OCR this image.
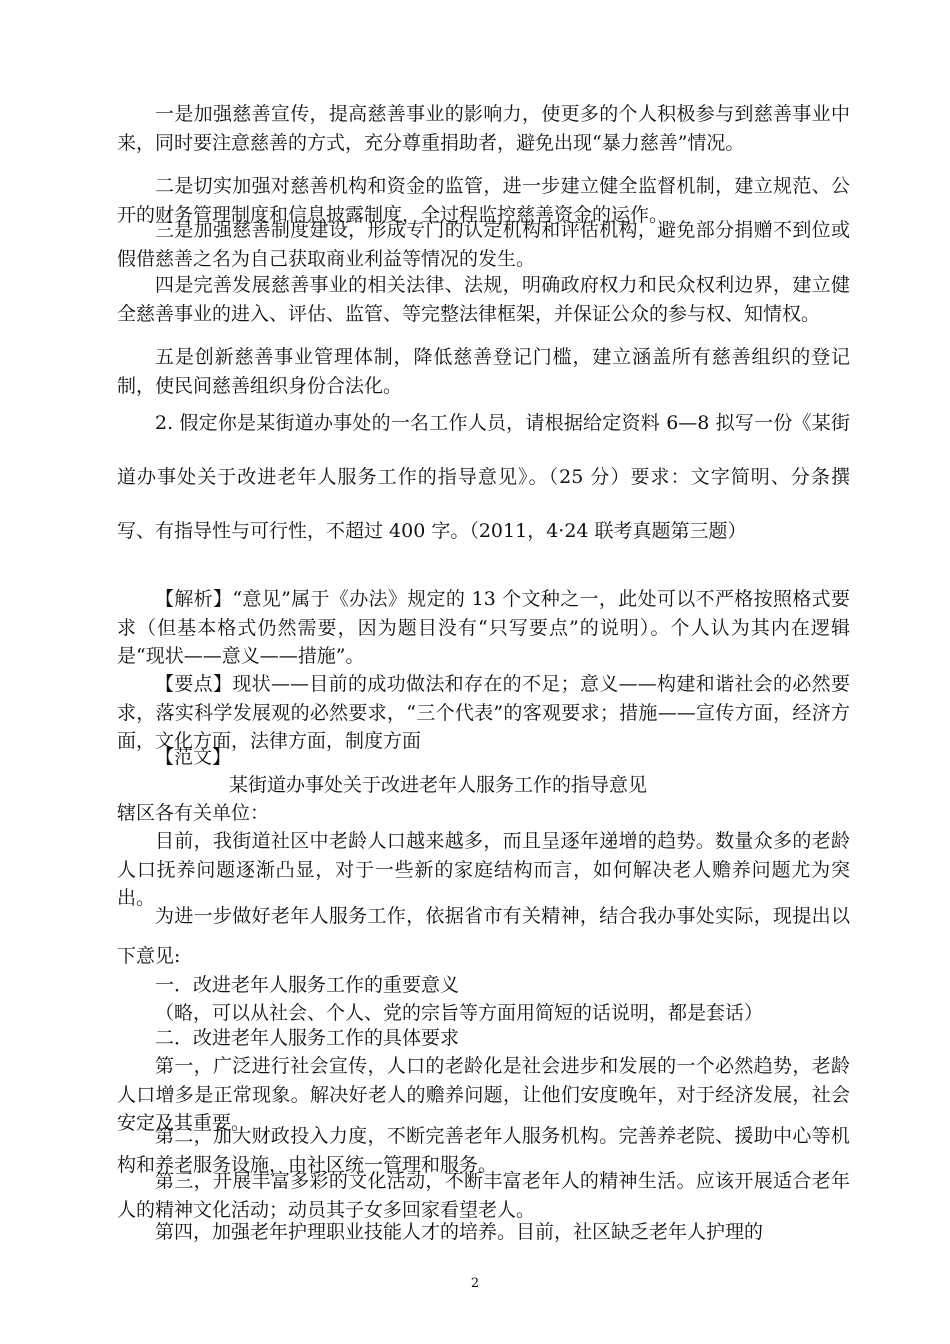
一是加强慈善宣传，提高慈善事业的影响力，使更多的个人积极参与到慈善事业中来，同时要注意慈善的方式，充分尊重捐助者，避免出现“暴力慈善”情况。

二是切实加强对慈善机构和资金的监管，进一步建立健全监督机制，建立规范、公开的财务管理制度和信息披露制度，全过程监控慈善资金的运作。

三是加强慈善制度建设，形成专门的认定机构和评估机构，避免部分捐赠不到位或假借慈善之名为自己获取商业利益等情况的发生。

四是完善发展慈善事业的相关法律、法规，明确政府权力和民众权利边界，建立健全慈善事业的进入、评估、监管、等完整法律框架，并保证公众的参与权、知情权。

五是创新慈善事业管理体制，降低慈善登记门槛，建立涵盖所有慈善组织的登记制，使民间慈善组织身份合法化。

2. 假定你是某街道办事处的一名工作人员，请根据给定资料 6—8 拟写一份《某街道办事处关于改进老年人服务工作的指导意见》。（25 分）要求：文字简明、分条撰写、有指导性与可行性，不超过 400 字。（2011，4·24 联考真题第三题）

【解析】“意见”属于《办法》规定的 13 个文种之一，此处可以不严格按照格式要求（但基本格式仍然需要，因为题目没有“只写要点”的说明）。个人认为其内在逻辑是“现状——意义——措施”。

【要点】现状——目前的成功做法和存在的不足；意义——构建和谐社会的必然要求，落实科学发展观的必然要求，“三个代表”的客观要求；措施——宣传方面，经济方面，文化方面，法律方面，制度方面

【范文】

某街道办事处关于改进老年人服务工作的指导意见

辖区各有关单位：

目前，我街道社区中老龄人口越来越多，而且呈逐年递增的趋势。数量众多的老龄人口抚养问题逐渐凸显，对于一些新的家庭结构而言，如何解决老人赡养问题尤为突出。

为进一步做好老年人服务工作，依据省市有关精神，结合我办事处实际，现提出以下意见:

一．改进老年人服务工作的重要意义

（略，可以从社会、个人、党的宗旨等方面用简短的话说明，都是套话）

二．改进老年人服务工作的具体要求

第一，广泛进行社会宣传，人口的老龄化是社会进步和发展的一个必然趋势，老龄人口增多是正常现象。解决好老人的赡养问题，让他们安度晚年，对于经济发展，社会安定及其重要。

第二，加大财政投入力度，不断完善老年人服务机构。完善养老院、援助中心等机构和养老服务设施，由社区统一管理和服务。

第三，开展丰富多彩的文化活动，不断丰富老年人的精神生活。应该开展适合老年人的精神文化活动；动员其子女多回家看望老人。

第四，加强老年护理职业技能人才的培养。目前，社区缺乏老年人护理的

2
